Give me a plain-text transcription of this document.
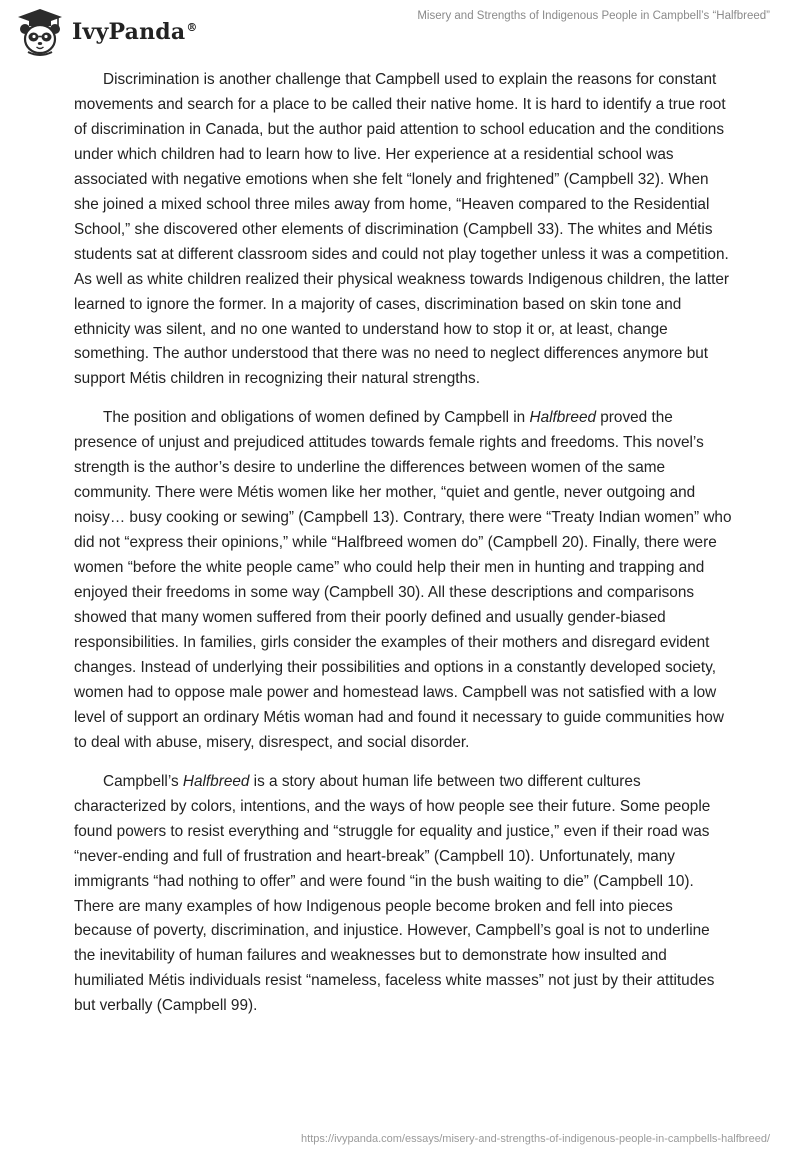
IvyPanda®
Misery and Strengths of Indigenous People in Campbell’s “Halfbreed”

Discrimination is another challenge that Campbell used to explain the reasons for constant movements and search for a place to be called their native home. It is hard to identify a true root of discrimination in Canada, but the author paid attention to school education and the conditions under which children had to learn how to live. Her experience at a residential school was associated with negative emotions when she felt “lonely and frightened” (Campbell 32). When she joined a mixed school three miles away from home, “Heaven compared to the Residential School,” she discovered other elements of discrimination (Campbell 33). The whites and Métis students sat at different classroom sides and could not play together unless it was a competition. As well as white children realized their physical weakness towards Indigenous children, the latter learned to ignore the former. In a majority of cases, discrimination based on skin tone and ethnicity was silent, and no one wanted to understand how to stop it or, at least, change something. The author understood that there was no need to neglect differences anymore but support Métis children in recognizing their natural strengths.

The position and obligations of women defined by Campbell in Halfbreed proved the presence of unjust and prejudiced attitudes towards female rights and freedoms. This novel’s strength is the author’s desire to underline the differences between women of the same community. There were Métis women like her mother, “quiet and gentle, never outgoing and noisy… busy cooking or sewing” (Campbell 13). Contrary, there were “Treaty Indian women” who did not “express their opinions,” while “Halfbreed women do” (Campbell 20). Finally, there were women “before the white people came” who could help their men in hunting and trapping and enjoyed their freedoms in some way (Campbell 30). All these descriptions and comparisons showed that many women suffered from their poorly defined and usually gender-biased responsibilities. In families, girls consider the examples of their mothers and disregard evident changes. Instead of underlying their possibilities and options in a constantly developed society, women had to oppose male power and homestead laws. Campbell was not satisfied with a low level of support an ordinary Métis woman had and found it necessary to guide communities how to deal with abuse, misery, disrespect, and social disorder.

Campbell’s Halfbreed is a story about human life between two different cultures characterized by colors, intentions, and the ways of how people see their future. Some people found powers to resist everything and “struggle for equality and justice,” even if their road was “never-ending and full of frustration and heart-break” (Campbell 10). Unfortunately, many immigrants “had nothing to offer” and were found “in the bush waiting to die” (Campbell 10). There are many examples of how Indigenous people become broken and fell into pieces because of poverty, discrimination, and injustice. However, Campbell’s goal is not to underline the inevitability of human failures and weaknesses but to demonstrate how insulted and humiliated Métis individuals resist “nameless, faceless white masses” not just by their attitudes but verbally (Campbell 99).

https://ivypanda.com/essays/misery-and-strengths-of-indigenous-people-in-campbells-halfbreed/
